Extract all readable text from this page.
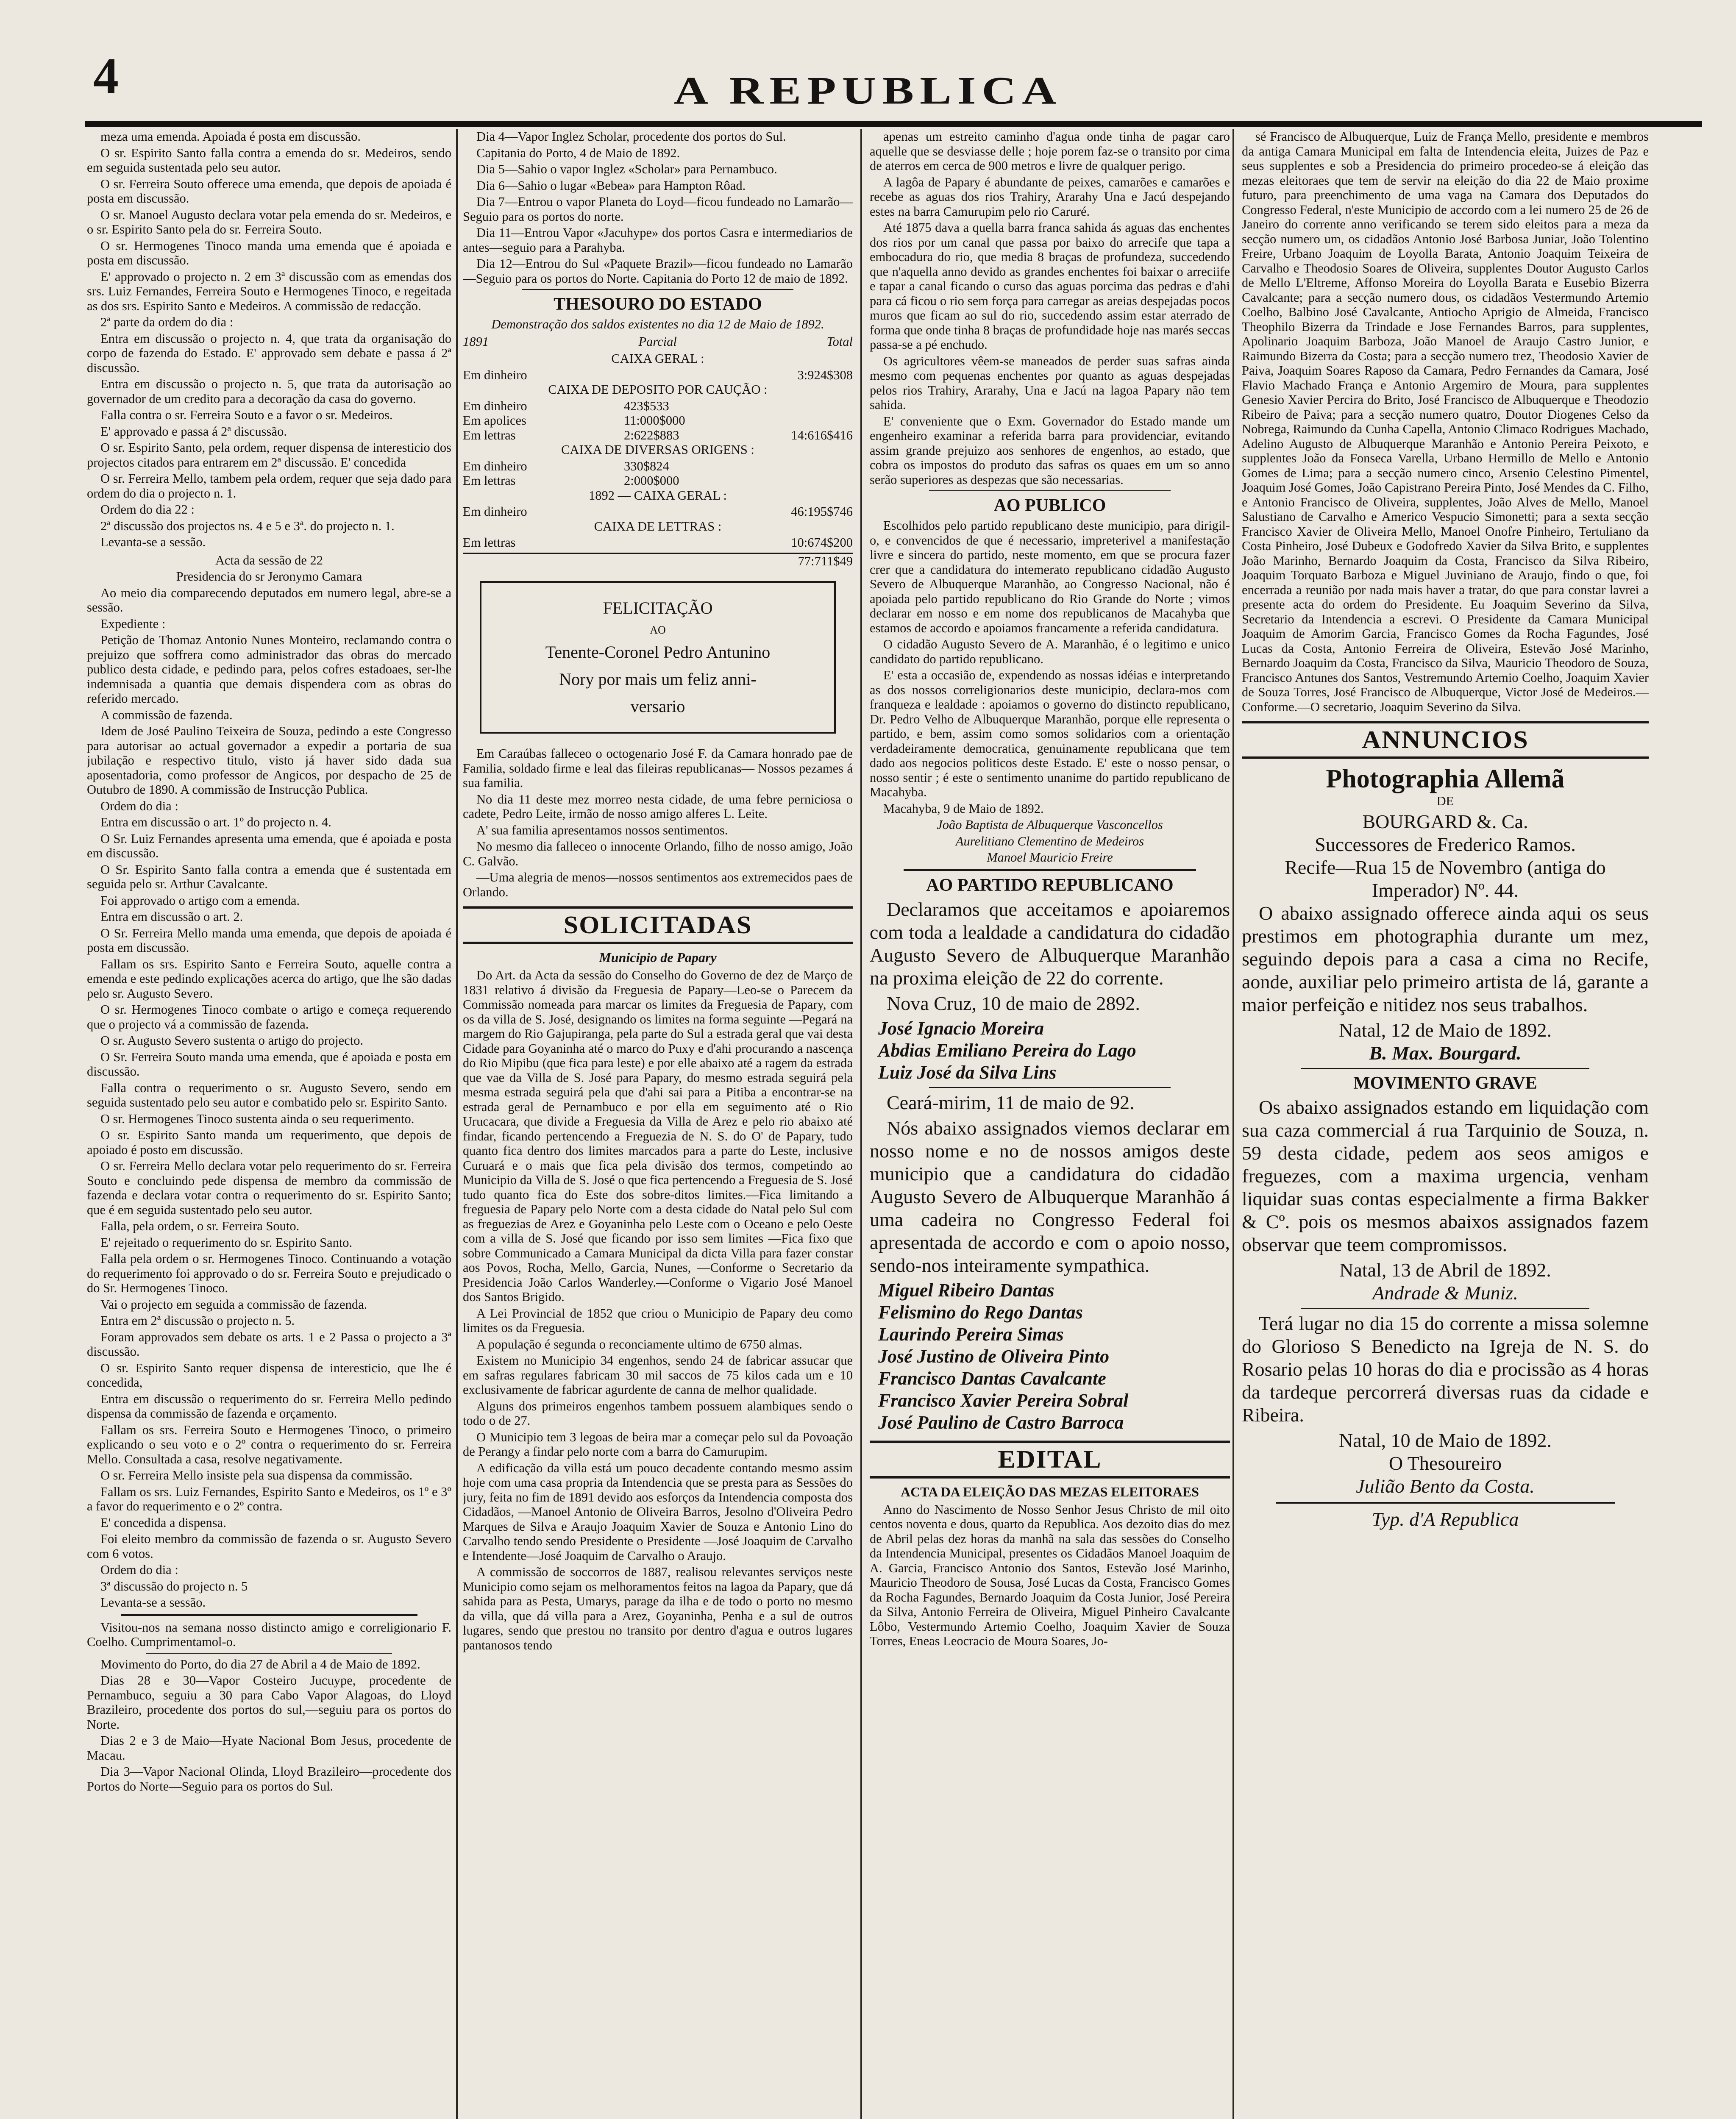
4	A REPUBLICA
meza uma emenda. Apoiada é posta em discussão.
O sr. Espirito Santo falla contra a emenda do sr. Medeiros, sendo em seguida sustentada pelo seu autor.
O sr. Ferreira Souto offerece uma emenda, que depois de apoiada é posta em discussão.
O sr. Manoel Augusto declara votar pela emenda do sr. Medeiros, e o sr. Espirito Santo pela do sr. Ferreira Souto.
O sr. Hermogenes Tinoco manda uma emenda que é apoiada e posta em discussão.
E' approvado o projecto n. 2 em 3ª discussão com as emendas dos srs. Luiz Fernandes, Ferreira Souto e Hermogenes Tinoco, e regeitada as dos srs. Espirito Santo e Medeiros. A commissão de redacção.
2ª parte da ordem do dia :
Entra em discussão o projecto n. 4, que trata da organisação do corpo de fazenda do Estado. E' approvado sem debate e passa á 2ª discussão.
Entra em discussão o projecto n. 5, que trata da autorisação ao governador de um credito para a decoração da casa do governo.
Falla contra o sr. Ferreira Souto e a favor o sr. Medeiros.
E' approvado e passa á 2ª discussão.
O sr. Espirito Santo, pela ordem, requer dispensa de interesticio dos projectos citados para entrarem em 2ª discussão. E' concedida
O sr. Ferreira Mello, tambem pela ordem, requer que seja dado para ordem do dia o projecto n. 1.
Ordem do dia 22 :
2ª discussão dos projectos ns. 4 e 5 e 3ª. do projecto n. 1.
Levanta-se a sessão.
Acta da sessão de 22
Presidencia do sr Jeronymo Camara
Ao meio dia comparecendo deputados em numero legal, abre-se a sessão.
Expediente :
Petição de Thomaz Antonio Nunes Monteiro, reclamando contra o prejuizo que soffrera como administrador das obras do mercado publico desta cidade, e pedindo para, pelos cofres estadoaes, ser-lhe indemnisada a quantia que demais dispendera com as obras do referido mercado.
A commissão de fazenda.
Idem de José Paulino Teixeira de Souza, pedindo a este Congresso para autorisar ao actual governador a expedir a portaria de sua jubilação e respectivo titulo, visto já haver sido dada sua aposentadoria, como professor de Angicos, por despacho de 25 de Outubro de 1890. A commissão de Instrucção Publica.
Ordem do dia :
Entra em discussão o art. 1º do projecto n. 4.
O Sr. Luiz Fernandes apresenta uma emenda, que é apoiada e posta em discussão.
O Sr. Espirito Santo falla contra a emenda que é sustentada em seguida pelo sr. Arthur Cavalcante.
Foi approvado o artigo com a emenda.
Entra em discussão o art. 2.
O Sr. Ferreira Mello manda uma emenda, que depois de apoiada é posta em discussão.
Fallam os srs. Espirito Santo e Ferreira Souto, aquelle contra a emenda e este pedindo explicações acerca do artigo, que lhe são dadas pelo sr. Augusto Severo.
O sr. Hermogenes Tinoco combate o artigo e começa requerendo que o projecto vá a commissão de fazenda.
O sr. Augusto Severo sustenta o artigo do projecto.
O Sr. Ferreira Souto manda uma emenda, que é apoiada e posta em discussão.
Falla contra o requerimento o sr. Augusto Severo, sendo em seguida sustentado pelo seu autor e combatido pelo sr. Espirito Santo.
O sr. Hermogenes Tinoco sustenta ainda o seu requerimento.
O sr. Espirito Santo manda um requerimento, que depois de apoiado é posto em discussão.
O sr. Ferreira Mello declara votar pelo requerimento do sr. Ferreira Souto e concluindo pede dispensa de membro da commissão de fazenda e declara votar contra o requerimento do sr. Espirito Santo; que é em seguida sustentado pelo seu autor.
Falla, pela ordem, o sr. Ferreira Souto.
E' rejeitado o requerimento do sr. Espirito Santo.
Falla pela ordem o sr. Hermogenes Tinoco. Continuando a votação do requerimento foi approvado o do sr. Ferreira Souto e prejudicado o do Sr. Hermogenes Tinoco.
Vai o projecto em seguida a commissão de fazenda.
Entra em 2ª discussão o projecto n. 5.
Foram approvados sem debate os arts. 1 e 2 Passa o projecto a 3ª discussão.
O sr. Espirito Santo requer dispensa de interesticio, que lhe é concedida,
Entra em discussão o requerimento do sr. Ferreira Mello pedindo dispensa da commissão de fazenda e orçamento.
Fallam os srs. Ferreira Souto e Hermogenes Tinoco, o primeiro explicando o seu voto e o 2º contra o requerimento do sr. Ferreira Mello. Consultada a casa, resolve negativamente.
O sr. Ferreira Mello insiste pela sua dispensa da commissão.
Fallam os srs. Luiz Fernandes, Espirito Santo e Medeiros, os 1º e 3º a favor do requerimento e o 2º contra.
E' concedida a dispensa.
Foi eleito membro da commissão de fazenda o sr. Augusto Severo com 6 votos.
Ordem do dia :
3ª discussão do projecto n. 5
Levanta-se a sessão.
Visitou-nos na semana nosso distincto amigo e correligionario F. Coelho. Cumprimentamol-o.
Movimento do Porto, do dia 27 de Abril a 4 de Maio de 1892.
Dias 28 e 30—Vapor Costeiro Jucuype, procedente de Pernambuco, seguiu a 30 para Cabo Vapor Alagoas, do Lloyd Brazileiro, procedente dos portos do sul,—seguiu para os portos do Norte.
Dias 2 e 3 de Maio—Hyate Nacional Bom Jesus, procedente de Macau.
Dia 3—Vapor Nacional Olinda, Lloyd Brazileiro—procedente dos Portos do Norte—Seguio para os portos do Sul.
Dia 4—Vapor Inglez Scholar, procedente dos portos do Sul.
Capitania do Porto, 4 de Maio de 1892.
Dia 5—Sahio o vapor Inglez «Scholar» para Pernambuco.
Dia 6—Sahio o lugar «Bebea» para Hampton Rôad.
Dia 7—Entrou o vapor Planeta do Loyd—ficou fundeado no Lamarão—Seguio para os portos do norte.
Dia 11—Entrou Vapor «Jacuhype» dos portos Casra e intermediarios de antes—seguio para a Parahyba.
Dia 12—Entrou do Sul «Paquete Brazil»—ficou fundeado no Lamarão—Seguio para os portos do Norte. Capitania do Porto 12 de maio de 1892.
THESOURO DO ESTADO
Demonstração dos saldos existentes no dia 12 de Maio de 1892.
1891	Parcial	Total
CAIXA GERAL :
Em dinheiro	3:924$308
CAIXA DE DEPOSITO POR CAUÇÃO :
Em dinheiro	423$533
Em apolices	11:000$000
Em lettras	2:622$883	14:616$416
CAIXA DE DIVERSAS ORIGENS :
Em dinheiro	330$824
Em lettras	2:000$000
1892 — CAIXA GERAL :
Em dinheiro	46:195$746
CAIXA DE LETTRAS :
Em lettras	10:674$200
77:711$49
FELICITAÇÃO
AO
Tenente-Coronel Pedro Antunino
Nory por mais um feliz anni-
versario
Em Caraúbas falleceo o octogenario José F. da Camara honrado pae de Familia, soldado firme e leal das fileiras republicanas— Nossos pezames á sua familia.
No dia 11 deste mez morreo nesta cidade, de uma febre perniciosa o cadete, Pedro Leite, irmão de nosso amigo alferes L. Leite.
A' sua familia apresentamos nossos sentimentos.
No mesmo dia falleceo o innocente Orlando, filho de nosso amigo, João C. Galvão.
—Uma alegria de menos—nossos sentimentos aos extremecidos paes de Orlando.
SOLICITADAS
Municipio de Papary
Do Art. da Acta da sessão do Conselho do Governo de dez de Março de 1831 relativo á divisão da Freguesia de Papary—Leo-se o Parecem da Commissão nomeada para marcar os limites da Freguesia de Papary, com os da villa de S. José, designando os limites na forma seguinte —Pegará na margem do Rio Gajupiranga, pela parte do Sul a estrada geral que vai desta Cidade para Goyaninha até o marco do Puxy e d'ahi procurando a nascença do Rio Mipibu (que fica para leste) e por elle abaixo até a ragem da estrada que vae da Villa de S. José para Papary, do mesmo estrada seguirá pela mesma estrada seguirá pela que d'ahi sai para a Pitiba a encontrar-se na estrada geral de Pernambuco e por ella em seguimento até o Rio Urucacara, que divide a Freguesia da Villa de Arez e pelo rio abaixo até findar, ficando pertencendo a Freguezia de N. S. do O' de Papary, tudo quanto fica dentro dos limites marcados para a parte do Leste, inclusive Curuará e o mais que fica pela divisão dos termos, competindo ao Municipio da Villa de S. José o que fica pertencendo a Freguesia de S. José tudo quanto fica do Este dos sobre-ditos limites.—Fica limitando a freguesia de Papary pelo Norte com a desta cidade do Natal pelo Sul com as freguezias de Arez e Goyaninha pelo Leste com o Oceano e pelo Oeste com a villa de S. José que ficando por isso sem limites —Fica fixo que sobre Communicado a Camara Municipal da dicta Villa para fazer constar aos Povos, Rocha, Mello, Garcia, Nunes, —Conforme o Secretario da Presidencia João Carlos Wanderley.—Conforme o Vigario José Manoel dos Santos Brigido.
A Lei Provincial de 1852 que criou o Municipio de Papary deu como limites os da Freguesia.
A população é segunda o reconciamente ultimo de 6750 almas.
Existem no Municipio 34 engenhos, sendo 24 de fabricar assucar que em safras regulares fabricam 30 mil saccos de 75 kilos cada um e 10 exclusivamente de fabricar agurdente de canna de melhor qualidade.
Alguns dos primeiros engenhos tambem possuem alambiques sendo o todo o de 27.
O Municipio tem 3 legoas de beira mar a começar pelo sul da Povoação de Perangy a findar pelo norte com a barra do Camurupim.
A edificação da villa está um pouco decadente contando mesmo assim hoje com uma casa propria da Intendencia que se presta para as Sessões do jury, feita no fim de 1891 devido aos esforços da Intendencia composta dos Cidadãos, —Manoel Antonio de Oliveira Barros, Jesolno d'Oliveira Pedro Marques de Silva e Araujo Joaquim Xavier de Souza e Antonio Lino do Carvalho tendo sendo Presidente o Presidente —José Joaquim de Carvalho e Intendente—José Joaquim de Carvalho o Araujo.
A commissão de soccorros de 1887, realisou relevantes serviços neste Municipio como sejam os melhoramentos feitos na lagoa da Papary, que dá sahida para as Pesta, Umarys, parage da ilha e de todo o porto no mesmo da villa, que dá villa para a Arez, Goyaninha, Penha e a sul de outros lugares, sendo que prestou no transito por dentro d'agua e outros lugares pantanosos tendo
apenas um estreito caminho d'agua onde tinha de pagar caro aquelle que se desviasse delle ; hoje porem faz-se o transito por cima de aterros em cerca de 900 metros e livre de qualquer perigo.
A lagôa de Papary é abundante de peixes, camarões e camarões e recebe as aguas dos rios Trahiry, Ararahy Una e Jacú despejando estes na barra Camurupim pelo rio Caruré.
Até 1875 dava a quella barra franca sahida ás aguas das enchentes dos rios por um canal que passa por baixo do arrecife que tapa a embocadura do rio, que media 8 braças de profundeza, succedendo que n'aquella anno devido as grandes enchentes foi baixar o arreciife e tapar a canal ficando o curso das aguas porcima das pedras e d'ahi para cá ficou o rio sem força para carregar as areias despejadas pocos muros que ficam ao sul do rio, succedendo assim estar aterrado de forma que onde tinha 8 braças de profundidade hoje nas marés seccas passa-se a pé enchudo.
Os agricultores vêem-se maneados de perder suas safras ainda mesmo com pequenas enchentes por quanto as aguas despejadas pelos rios Trahiry, Ararahy, Una e Jacú na lagoa Papary não tem sahida.
E' conveniente que o Exm. Governador do Estado mande um engenheiro examinar a referida barra para providenciar, evitando assim grande prejuizo aos senhores de engenhos, ao estado, que cobra os impostos do produto das safras os quaes em um so anno serão superiores as despezas que são necessarias.
AO PUBLICO
Escolhidos pelo partido republicano deste municipio, para dirigil-o, e convencidos de que é necessario, impreterivel a manifestação livre e sincera do partido, neste momento, em que se procura fazer crer que a candidatura do intemerato republicano cidadão Augusto Severo de Albuquerque Maranhão, ao Congresso Nacional, não é apoiada pelo partido republicano do Rio Grande do Norte ; vimos declarar em nosso e em nome dos republicanos de Macahyba que estamos de accordo e apoiamos francamente a referida candidatura.
O cidadão Augusto Severo de A. Maranhão, é o legitimo e unico candidato do partido republicano.
E' esta a occasião de, expendendo as nossas idéias e interpretando as dos nossos correligionarios deste municipio, declara-mos com franqueza e lealdade : apoiamos o governo do distincto republicano, Dr. Pedro Velho de Albuquerque Maranhão, porque elle representa o partido, e bem, assim como somos solidarios com a orientação verdadeiramente democratica, genuinamente republicana que tem dado aos negocios politicos deste Estado. E' este o nosso pensar, o nosso sentir ; é este o sentimento unanime do partido republicano de Macahyba.
Macahyba, 9 de Maio de 1892.
João Baptista de Albuquerque Vasconcellos
Aurelitiano Clementino de Medeiros
Manoel Mauricio Freire
AO PARTIDO REPUBLICANO
Declaramos que acceitamos e apoiaremos com toda a lealdade a candidatura do cidadão Augusto Severo de Albuquerque Maranhão na proxima eleição de 22 do corrente.
Nova Cruz, 10 de maio de 2892.
José Ignacio Moreira
Abdias Emiliano Pereira do Lago
Luiz José da Silva Lins
Ceará-mirim, 11 de maio de 92.
Nós abaixo assignados viemos declarar em nosso nome e no de nossos amigos deste municipio que a candidatura do cidadão Augusto Severo de Albuquerque Maranhão á uma cadeira no Congresso Federal foi apresentada de accordo e com o apoio nosso, sendo-nos inteiramente sympathica.
Miguel Ribeiro Dantas
Felismino do Rego Dantas
Laurindo Pereira Simas
José Justino de Oliveira Pinto
Francisco Dantas Cavalcante
Francisco Xavier Pereira Sobral
José Paulino de Castro Barroca
EDITAL
ACTA DA ELEIÇÃO DAS MEZAS ELEITORAES
Anno do Nascimento de Nosso Senhor Jesus Christo de mil oito centos noventa e dous, quarto da Republica. Aos dezoito dias do mez de Abril pelas dez horas da manhã na sala das sessões do Conselho da Intendencia Municipal, presentes os Cidadãos Manoel Joaquim de A. Garcia, Francisco Antonio dos Santos, Estevão José Marinho, Mauricio Theodoro de Sousa, José Lucas da Costa, Francisco Gomes da Rocha Fagundes, Bernardo Joaquim da Costa Junior, José Pereira da Silva, Antonio Ferreira de Oliveira, Miguel Pinheiro Cavalcante Lôbo, Vestermundo Artemio Coelho, Joaquim Xavier de Souza Torres, Eneas Leocracio de Moura Soares, Jo-
sé Francisco de Albuquerque, Luiz de França Mello, presidente e membros da antiga Camara Municipal em falta de Intendencia eleita, Juizes de Paz e seus supplentes e sob a Presidencia do primeiro procedeo-se á eleição das mezas eleitoraes que tem de servir na eleição do dia 22 de Maio proxime futuro, para preenchimento de uma vaga na Camara dos Deputados do Congresso Federal, n'este Municipio de accordo com a lei numero 25 de 26 de Janeiro do corrente anno verificando se terem sido eleitos para a meza da secção numero um, os cidadãos Antonio José Barbosa Juniar, João Tolentino Freire, Urbano Joaquim de Loyolla Barata, Antonio Joaquim Teixeira de Carvalho e Theodosio Soares de Oliveira, supplentes Doutor Augusto Carlos de Mello L'Eltreme, Affonso Moreira do Loyolla Barata e Eusebio Bizerra Cavalcante; para a secção numero dous, os cidadãos Vestermundo Artemio Coelho, Balbino José Cavalcante, Antiocho Aprigio de Almeida, Francisco Theophilo Bizerra da Trindade e Jose Fernandes Barros, para supplentes, Apolinario Joaquim Barboza, João Manoel de Araujo Castro Junior, e Raimundo Bizerra da Costa; para a secção numero trez, Theodosio Xavier de Paiva, Joaquim Soares Raposo da Camara, Pedro Fernandes da Camara, José Flavio Machado França e Antonio Argemiro de Moura, para supplentes Genesio Xavier Percira do Brito, José Francisco de Albuquerque e Theodozio Ribeiro de Paiva; para a secção numero quatro, Doutor Diogenes Celso da Nobrega, Raimundo da Cunha Capella, Antonio Climaco Rodrigues Machado, Adelino Augusto de Albuquerque Maranhão e Antonio Pereira Peixoto, e supplentes João da Fonseca Varella, Urbano Hermillo de Mello e Antonio Gomes de Lima; para a secção numero cinco, Arsenio Celestino Pimentel, Joaquim José Gomes, João Capistrano Pereira Pinto, José Mendes da C. Filho, e Antonio Francisco de Oliveira, supplentes, João Alves de Mello, Manoel Salustiano de Carvalho e Americo Vespucio Simonetti; para a sexta secção Francisco Xavier de Oliveira Mello, Manoel Onofre Pinheiro, Tertuliano da Costa Pinheiro, José Dubeux e Godofredo Xavier da Silva Brito, e supplentes João Marinho, Bernardo Joaquim da Costa, Francisco da Silva Ribeiro, Joaquim Torquato Barboza e Miguel Juviniano de Araujo, findo o que, foi encerrada a reunião por nada mais haver a tratar, do que para constar lavrei a presente acta do ordem do Presidente. Eu Joaquim Severino da Silva, Secretario da Intendencia a escrevi. O Presidente da Camara Municipal Joaquim de Amorim Garcia, Francisco Gomes da Rocha Fagundes, José Lucas da Costa, Antonio Ferreira de Oliveira, Estevão José Marinho, Bernardo Joaquim da Costa, Francisco da Silva, Mauricio Theodoro de Souza, Francisco Antunes dos Santos, Vestremundo Artemio Coelho, Joaquim Xavier de Souza Torres, José Francisco de Albuquerque, Victor José de Medeiros.—Conforme.—O secretario, Joaquim Severino da Silva.
ANNUNCIOS
Photographia Allemã
DE
BOURGARD &. Ca.
Successores de Frederico Ramos.
Recife—Rua 15 de Novembro (antiga do Imperador) Nº. 44.
O abaixo assignado offerece ainda aqui os seus prestimos em photographia durante um mez, seguindo depois para a casa a cima no Recife, aonde, auxiliar pelo primeiro artista de lá, garante a maior perfeição e nitidez nos seus trabalhos.
Natal, 12 de Maio de 1892.
B. Max. Bourgard.
MOVIMENTO GRAVE
Os abaixo assignados estando em liquidação com sua caza commercial á rua Tarquinio de Souza, n. 59 desta cidade, pedem aos seos amigos e freguezes, com a maxima urgencia, venham liquidar suas contas especialmente a firma Bakker & Cº. pois os mesmos abaixos assignados fazem observar que teem compromissos.
Natal, 13 de Abril de 1892.
Andrade & Muniz.
Terá lugar no dia 15 do corrente a missa solemne do Glorioso S Benedicto na Igreja de N. S. do Rosario pelas 10 horas do dia e procissão as 4 horas da tardeque percorrerá diversas ruas da cidade e Ribeira.
Natal, 10 de Maio de 1892.
O Thesoureiro
Julião Bento da Costa.
Typ. d'A Republica
